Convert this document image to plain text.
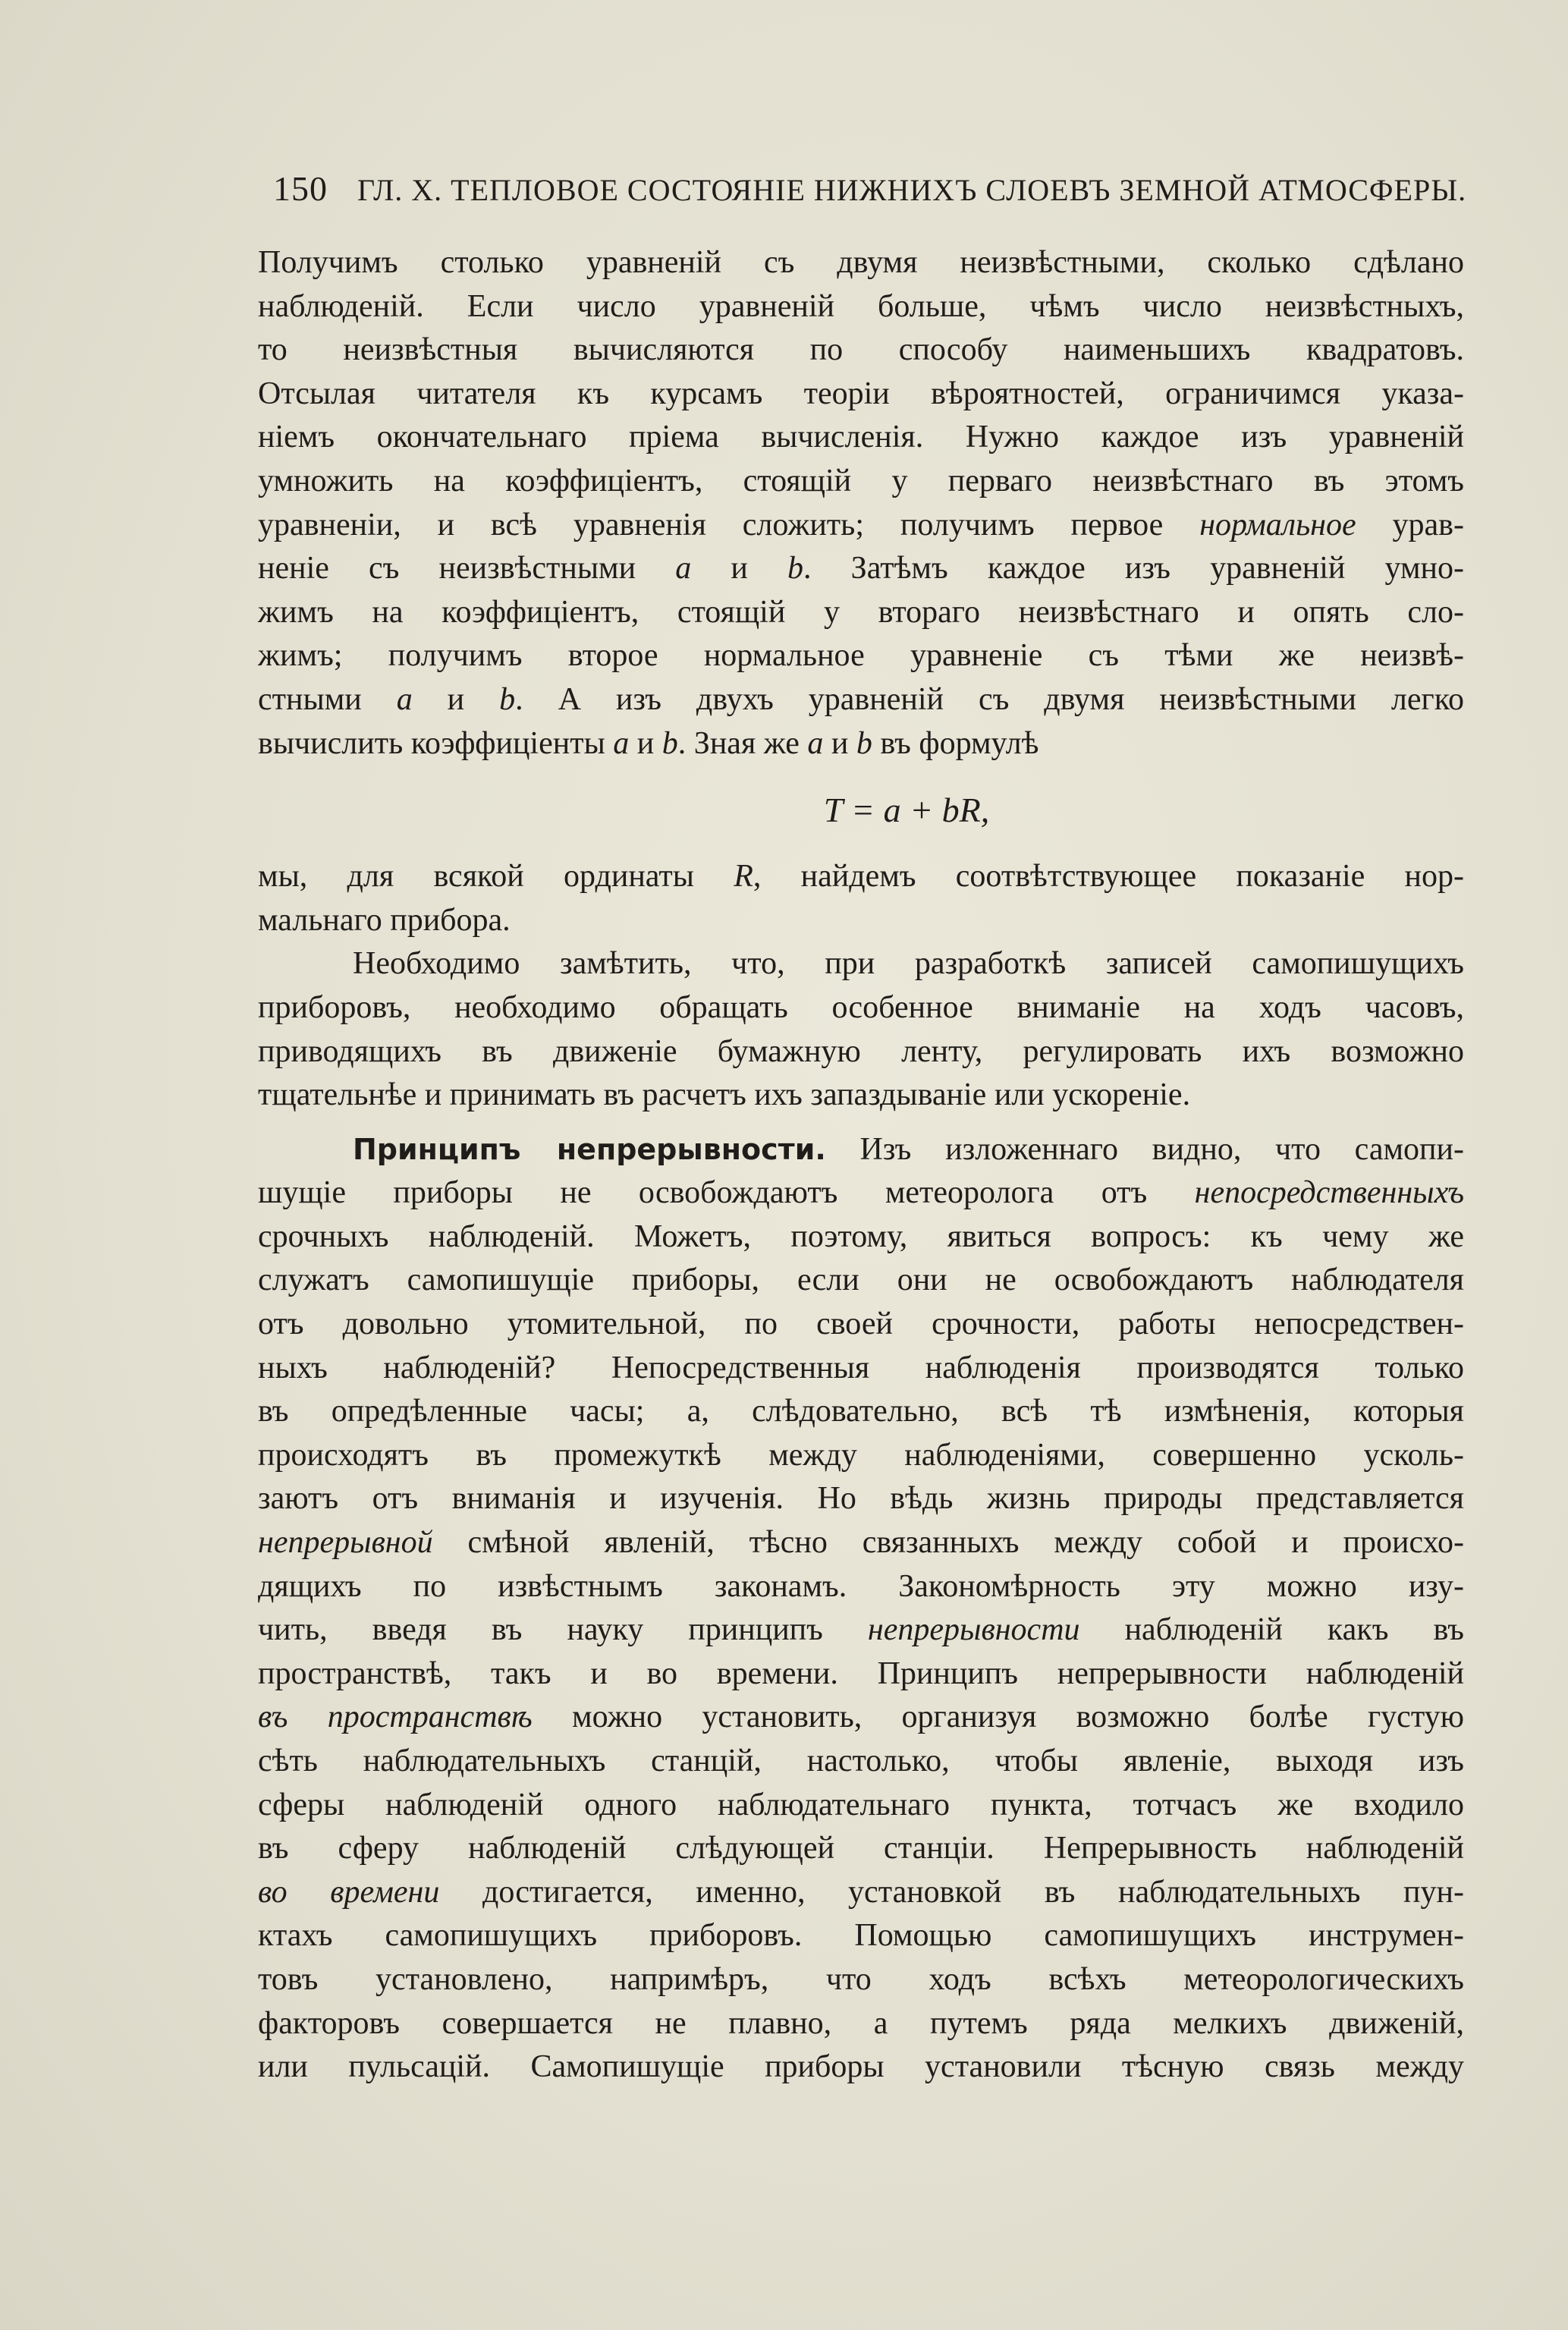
150 ГЛ. X. ТЕПЛОВОЕ СОСТОЯНІЕ НИЖНИХЪ СЛОЕВЪ ЗЕМНОЙ АТМОСФЕРЫ.
Получимъ столько уравненій съ двумя неизвѣстными, сколько сдѣлано
наблюденій. Если число уравненій больше, чѣмъ число неизвѣстныхъ,
то неизвѣстныя вычисляются по способу наименьшихъ квадратовъ.
Отсылая читателя къ курсамъ теоріи вѣроятностей, ограничимся указа-
ніемъ окончательнаго пріема вычисленія. Нужно каждое изъ уравненій
умножить на коэффиціентъ, стоящій у перваго неизвѣстнаго въ этомъ
уравненіи, и всѣ уравненія сложить; получимъ первое нормальное урав-
неніе съ неизвѣстными a и b. Затѣмъ каждое изъ уравненій умно-
жимъ на коэффиціентъ, стоящій у втораго неизвѣстнаго и опять сло-
жимъ; получимъ второе нормальное уравненіе съ тѣми же неизвѣ-
стными a и b. А изъ двухъ уравненій съ двумя неизвѣстными легко
вычислить коэффиціенты a и b. Зная же a и b въ формулѣ
T = a + bR,
мы, для всякой ординаты R, найдемъ соотвѣтствующее показаніе нор-
мальнаго прибора.
Необходимо замѣтить, что, при разработкѣ записей самопишущихъ
приборовъ, необходимо обращать особенное вниманіе на ходъ часовъ,
приводящихъ въ движеніе бумажную ленту, регулировать ихъ возможно
тщательнѣе и принимать въ расчетъ ихъ запаздываніе или ускореніе.
Принципъ непрерывности. Изъ изложеннаго видно, что самопи-
шущіе приборы не освобождаютъ метеоролога отъ непосредственныхъ
срочныхъ наблюденій. Можетъ, поэтому, явиться вопросъ: къ чему же
служатъ самопишущіе приборы, если они не освобождаютъ наблюдателя
отъ довольно утомительной, по своей срочности, работы непосредствен-
ныхъ наблюденій? Непосредственныя наблюденія производятся только
въ опредѣленные часы; а, слѣдовательно, всѣ тѣ измѣненія, которыя
происходятъ въ промежуткѣ между наблюденіями, совершенно усколь-
заютъ отъ вниманія и изученія. Но вѣдь жизнь природы представляется
непрерывной смѣной явленій, тѣсно связанныхъ между собой и происхо-
дящихъ по извѣстнымъ законамъ. Закономѣрность эту можно изу-
чить, введя въ науку принципъ непрерывности наблюденій какъ въ
пространствѣ, такъ и во времени. Принципъ непрерывности наблюденій
въ пространствѣ можно установить, организуя возможно болѣе густую
сѣть наблюдательныхъ станцій, настолько, чтобы явленіе, выходя изъ
сферы наблюденій одного наблюдательнаго пункта, тотчасъ же входило
въ сферу наблюденій слѣдующей станціи. Непрерывность наблюденій
во времени достигается, именно, установкой въ наблюдательныхъ пун-
ктахъ самопишущихъ приборовъ. Помощью самопишущихъ инструмен-
товъ установлено, напримѣръ, что ходъ всѣхъ метеорологическихъ
факторовъ совершается не плавно, а путемъ ряда мелкихъ движеній,
или пульсацій. Самопишущіе приборы установили тѣсную связь между
